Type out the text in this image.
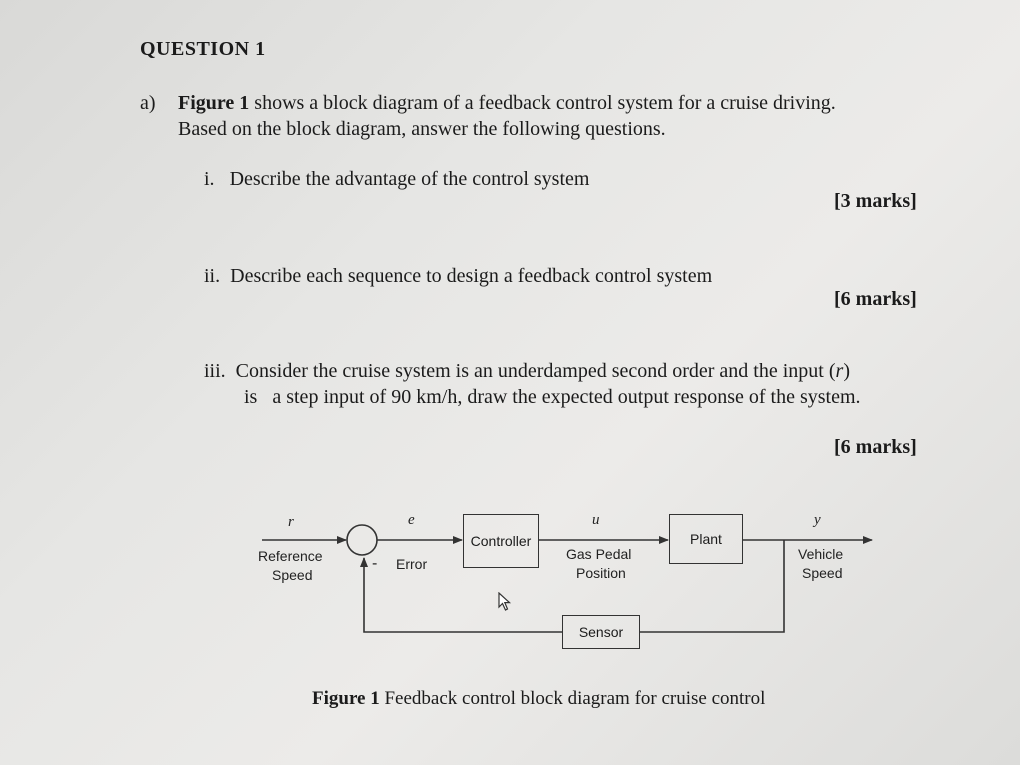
QUESTION 1
a) Figure 1 shows a block diagram of a feedback control system for a cruise driving.
Based on the block diagram, answer the following questions.
i. Describe the advantage of the control system
[3 marks]
ii. Describe each sequence to design a feedback control system
[6 marks]
iii. Consider the cruise system is an underdamped second order and the input (r)
is a step input of 90 km/h, draw the expected output response of the system.
[6 marks]
r
Reference
Speed
-
e
Error
Controller
u
Gas Pedal
Position
Plant
y
Vehicle
Speed
Sensor
Figure 1 Feedback control block diagram for cruise control
